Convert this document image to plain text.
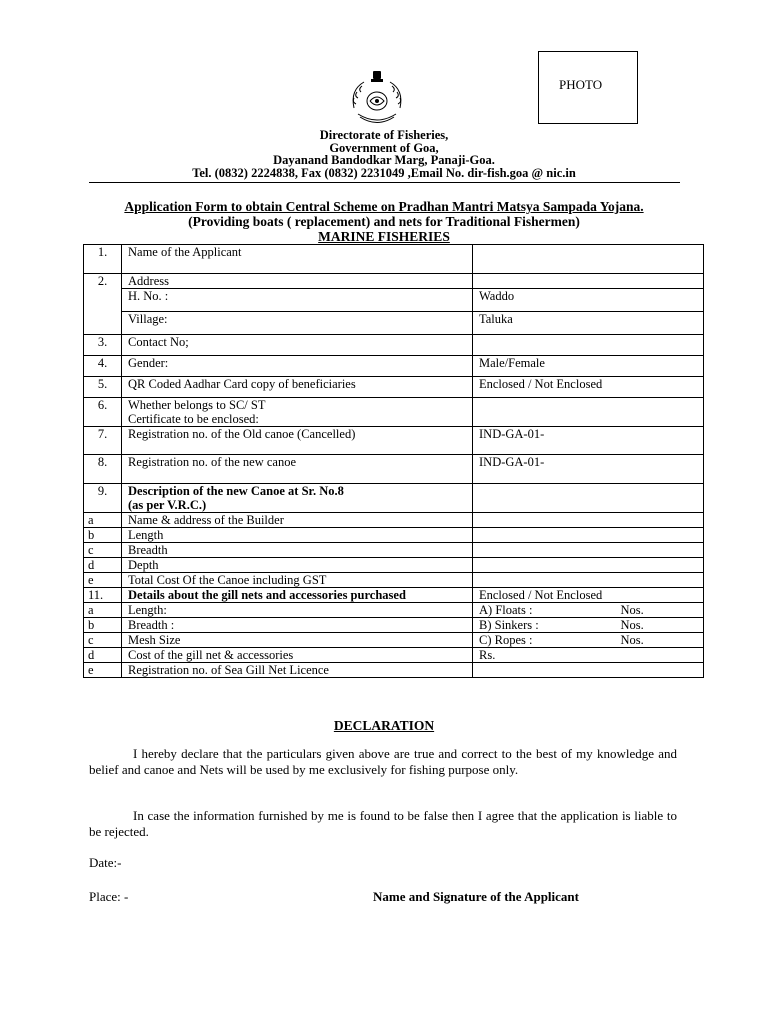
PHOTO
Directorate of Fisheries,
Government of Goa,
Dayanand Bandodkar Marg, Panaji-Goa.
Tel. (0832) 2224838, Fax (0832) 2231049 ,Email No. dir-fish.goa @ nic.in
Application Form to obtain Central Scheme on Pradhan Mantri Matsya Sampada Yojana.
(Providing boats ( replacement) and nets for Traditional Fishermen)
MARINE FISHERIES
1.	Name of the Applicant	
2.	Address	
	H. No. :	Waddo
	Village:	Taluka
3.	Contact No;	
4.	Gender:	Male/Female
5.	QR Coded Aadhar Card copy of beneficiaries	Enclosed / Not Enclosed
6.	Whether belongs to SC/ ST
Certificate to be enclosed:	
7.	Registration no. of the Old canoe (Cancelled)	IND-GA-01-
8.	Registration no. of the new canoe	IND-GA-01-
9.	Description of the new Canoe at Sr. No.8
(as per V.R.C.)	
a	Name & address of the Builder	
b	Length	
c	Breadth	
d	Depth	
e	Total Cost Of the Canoe including GST	
11.	Details about the gill nets and accessories purchased	Enclosed / Not Enclosed
a	Length:	A) Floats : Nos.

b	Breadth :	B) Sinkers : Nos.

c	Mesh Size	C) Ropes : Nos.

d	Cost of the gill net & accessories	Rs.
e	Registration no. of Sea Gill Net Licence	
DECLARATION
I hereby declare that the particulars given above are true and correct to the best of my knowledge and belief and canoe and Nets will be used by me exclusively for fishing purpose only.
In case the information furnished by me is found to be false then I agree that the application is liable to be rejected.
Date:-
Place: -	Name and Signature of the Applicant
